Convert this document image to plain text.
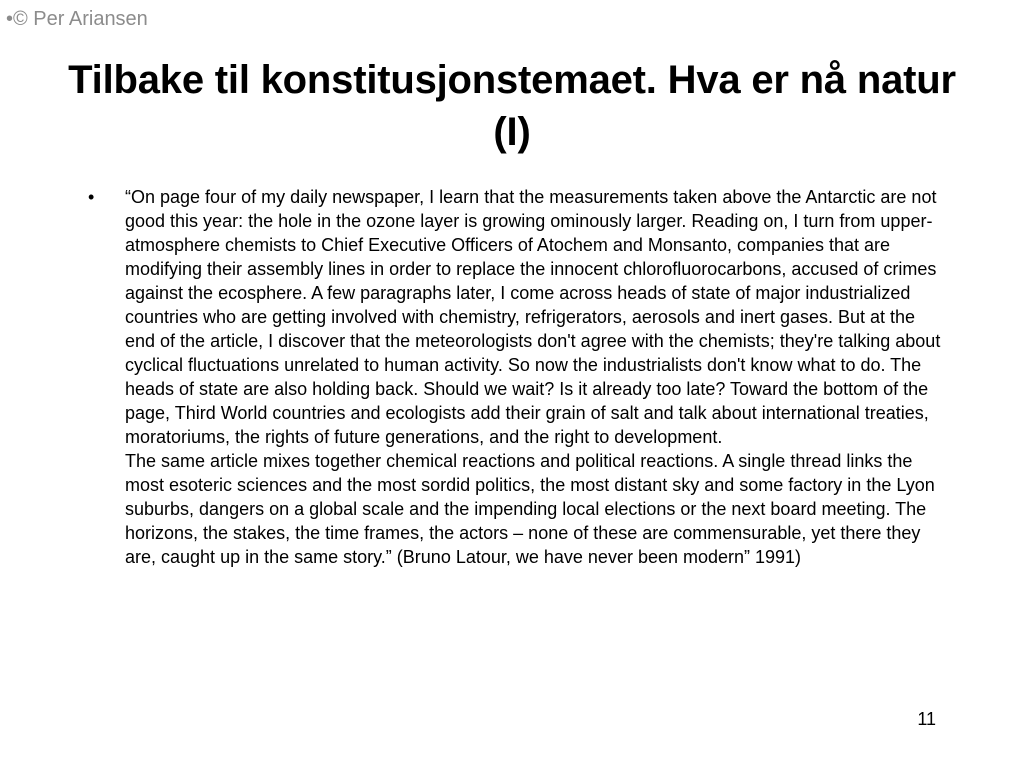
•© Per Ariansen
Tilbake til konstitusjonstemaet. Hva er nå natur (I)
•	“On page four of my daily newspaper, I learn that the measurements taken above the Antarctic are not good this year: the hole in the ozone layer is growing ominously larger. Reading on, I turn from upper-atmosphere chemists to Chief Executive Officers of Atochem and Monsanto, companies that are modifying their assembly lines in order to replace the innocent chlorofluorocarbons, accused of crimes against the ecosphere. A few paragraphs later, I come across heads of state of major industrialized countries who are getting involved with chemistry, refrigerators, aerosols and inert gases. But at the end of the article, I discover that the meteorologists don't agree with the chemists; they're talking about cyclical fluctuations unrelated to human activity. So now the industrialists don't know what to do. The heads of state are also holding back. Should we wait? Is it already too late? Toward the bottom of the page, Third World countries and ecologists add their grain of salt and talk about international treaties, moratoriums, the rights of future generations, and the right to development.

The same article mixes together chemical reactions and political reactions. A single thread links the most esoteric sciences and the most sordid politics, the most distant sky and some factory in the Lyon suburbs, dangers on a global scale and the impending local elections or the next board meeting. The horizons, the stakes, the time frames, the actors – none of these are commensurable, yet there they are, caught up in the same story.” (Bruno Latour, we have never been modern” 1991)

11
